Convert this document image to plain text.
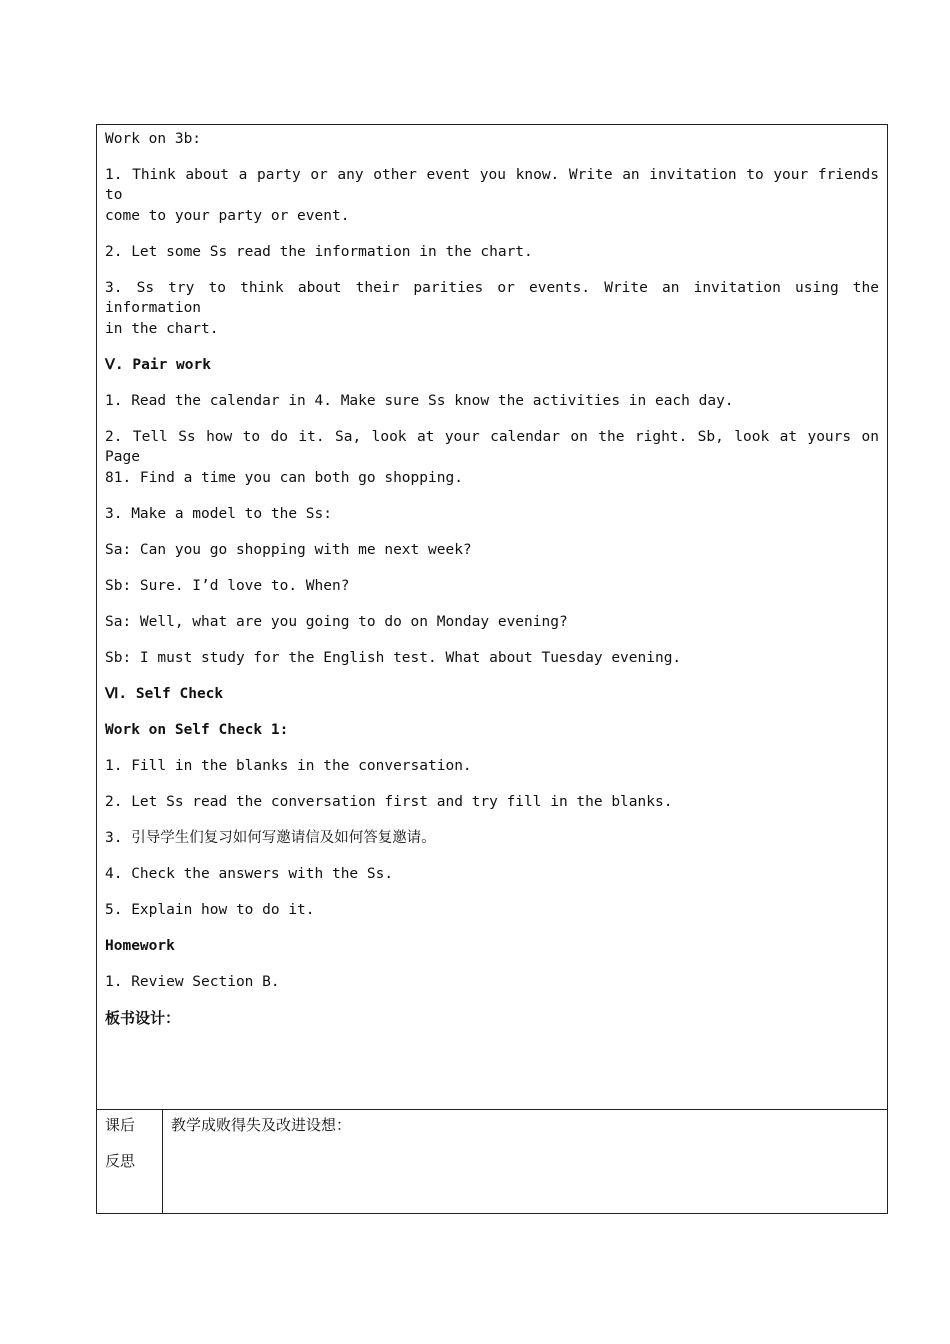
Work on 3b:
1. Think about a party or any other event you know. Write an invitation to your friends to
come to your party or event.
2. Let some Ss read the information in the chart.
3. Ss try to think about their parities or events. Write an invitation using the information
in the chart.
Ⅴ. Pair work
1. Read the calendar in 4. Make sure Ss know the activities in each day.
2. Tell Ss how to do it. Sa, look at your calendar on the right. Sb, look at yours on Page
81. Find a time you can both go shopping.
3. Make a model to the Ss:
Sa: Can you go shopping with me next week?
Sb: Sure. I’d love to. When?
Sa: Well, what are you going to do on Monday evening?
Sb: I must study for the English test. What about Tuesday evening.
Ⅵ. Self Check
Work on Self Check 1:
1. Fill in the blanks in the conversation.
2. Let Ss read the conversation first and try fill in the blanks.
3. 引导学生们复习如何写邀请信及如何答复邀请。
4. Check the answers with the Ss.
5. Explain how to do it.
Homework
1. Review Section B.
板书设计：
课后
反思
教学成败得失及改进设想：
